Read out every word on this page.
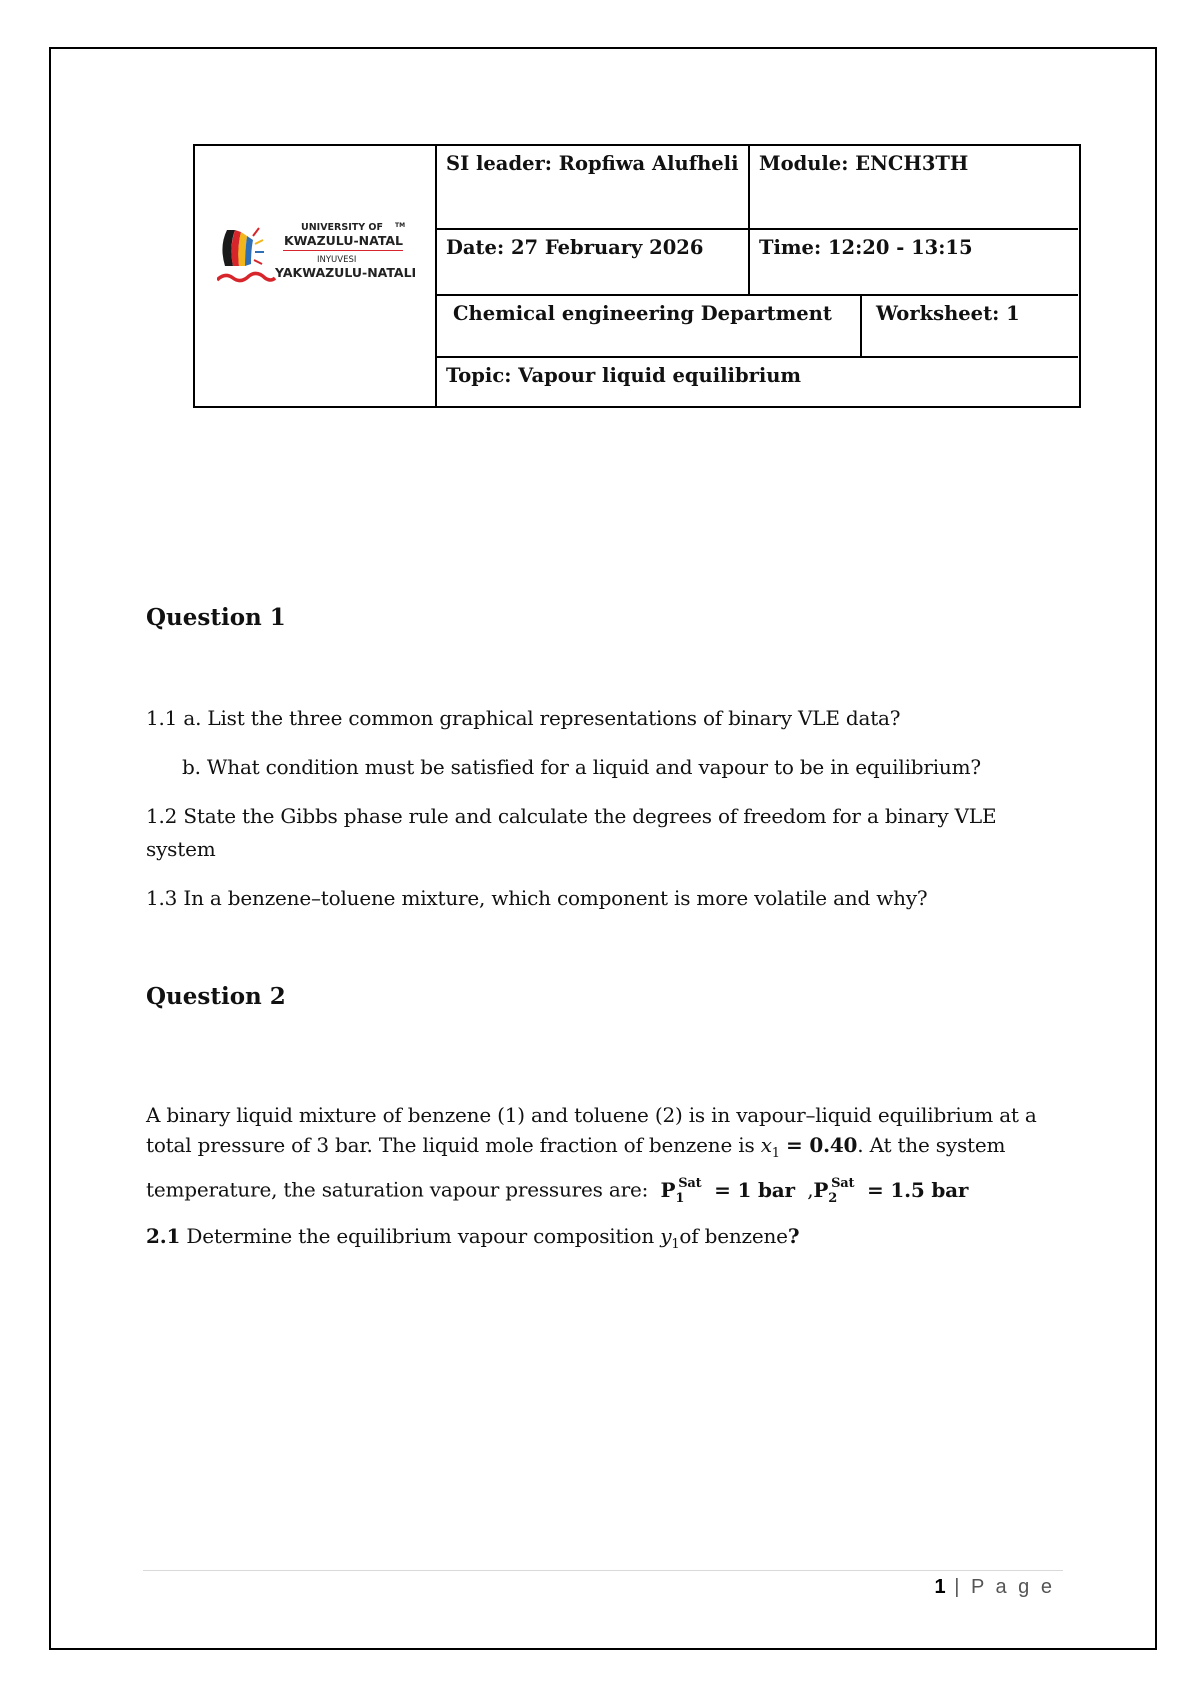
UNIVERSITY OF TM
KWAZULU-NATAL
INYUVESI
YAKWAZULU-NATALI
SI leader: Ropfiwa Alufheli	Module: ENCH3TH
Date: 27 February 2026	Time: 12:20 - 13:15
Chemical engineering Department	Worksheet: 1
Topic: Vapour liquid equilibrium
Question 1
1.1 a. List the three common graphical representations of binary VLE data?
b. What condition must be satisfied for a liquid and vapour to be in equilibrium?
1.2 State the Gibbs phase rule and calculate the degrees of freedom for a binary VLE system
1.3 In a benzene–toluene mixture, which component is more volatile and why?
Question 2
A binary liquid mixture of benzene (1) and toluene (2) is in vapour–liquid equilibrium at a
total pressure of 3 bar. The liquid mole fraction of benzene is $x_1 = 0.40$. At the system
temperature, the saturation vapour pressures are: $P_1^{Sat} = 1$ bar $,P_2^{Sat} = 1.5$ bar
2.1 Determine the equilibrium vapour composition $y_1of$ benzene?
1 | P a g e
